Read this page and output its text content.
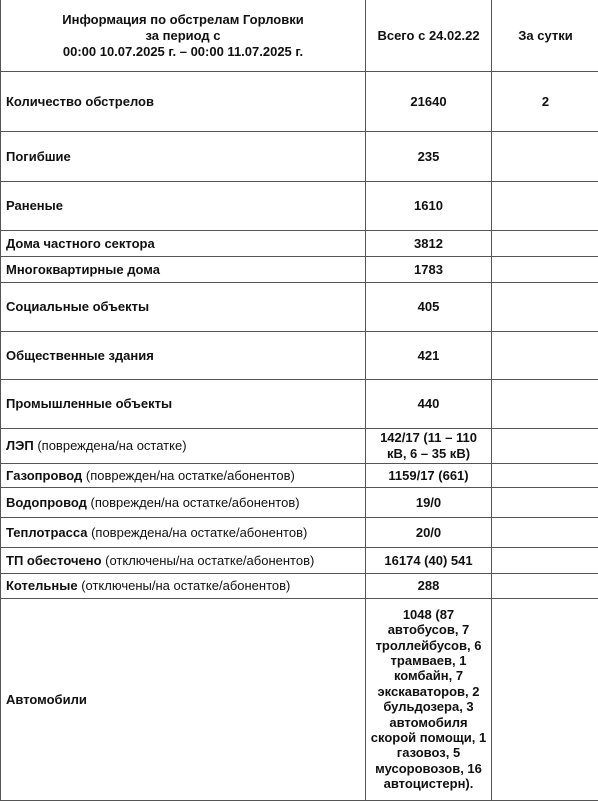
Информация по обстрелам Горловки
за период с
00:00 10.07.2025 г. – 00:00 11.07.2025 г.	Всего с 24.02.22	За сутки
Количество обстрелов	21640	2
Погибшие	235	
Раненые	1610	
Дома частного сектора	3812	
Многоквартирные дома	1783	
Социальные объекты	405	
Общественные здания	421	
Промышленные объекты	440	
ЛЭП (повреждена/на остатке)	142/17 (11 – 110 кВ, 6 – 35 кВ)	
Газопровод (поврежден/на остатке/абонентов)	1159/17 (661)	
Водопровод (поврежден/на остатке/абонентов)	19/0	
Теплотрасса (повреждена/на остатке/абонентов)	20/0	
ТП обесточено (отключены/на остатке/абонентов)	16174 (40) 541	
Котельные (отключены/на остатке/абонентов)	288	
Автомобили	1048 (87 автобусов, 7 троллейбусов, 6 трамваев, 1 комбайн, 7 экскаваторов, 2 бульдозера, 3 автомобиля скорой помощи, 1 газовоз, 5 мусоровозов, 16 автоцистерн).	
